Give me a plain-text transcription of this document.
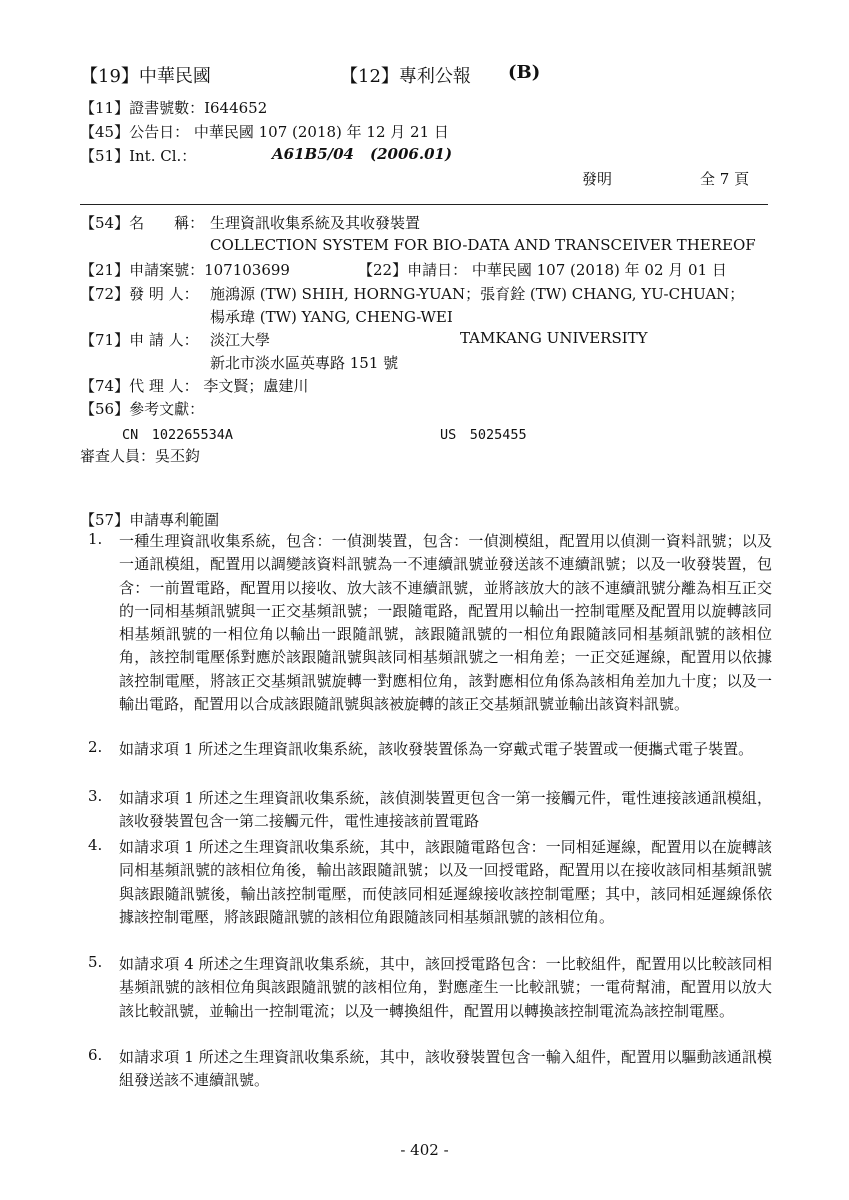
【19】中華民國	【12】專利公報 (B)
【11】證書號數：I644652
【45】公告日： 中華民國 107 (2018) 年 12 月 21 日
【51】Int. Cl.：	A61B5/04 (2006.01)
發明	全 7 頁
【54】名　　稱： 生理資訊收集系統及其收發裝置
COLLECTION SYSTEM FOR BIO-DATA AND TRANSCEIVER THEREOF
【21】申請案號：107103699	【22】申請日： 中華民國 107 (2018) 年 02 月 01 日
【72】發 明 人： 施鴻源 (TW) SHIH, HORNG-YUAN；張育銓 (TW) CHANG, YU-CHUAN；
楊承瑋 (TW) YANG, CHENG-WEI
【71】申 請 人： 淡江大學	TAMKANG UNIVERSITY
新北市淡水區英專路 151 號
【74】代 理 人： 李文賢；盧建川
【56】參考文獻：
CN　102265534A	US　5025455
審查人員：吳丕鈞
【57】申請專利範圍
1. 一種生理資訊收集系統，包含：一偵測裝置，包含：一偵測模組，配置用以偵測一資料訊號；以及一通訊模組，配置用以調變該資料訊號為一不連續訊號並發送該不連續訊號；以及一收發裝置，包含：一前置電路，配置用以接收、放大該不連續訊號，並將該放大的該不連續訊號分離為相互正交的一同相基頻訊號與一正交基頻訊號；一跟隨電路，配置用以輸出一控制電壓及配置用以旋轉該同相基頻訊號的一相位角以輸出一跟隨訊號，該跟隨訊號的一相位角跟隨該同相基頻訊號的該相位角，該控制電壓係對應於該跟隨訊號與該同相基頻訊號之一相角差；一正交延遲線，配置用以依據該控制電壓，將該正交基頻訊號旋轉一對應相位角，該對應相位角係為該相角差加九十度；以及一輸出電路，配置用以合成該跟隨訊號與該被旋轉的該正交基頻訊號並輸出該資料訊號。
2. 如請求項 1 所述之生理資訊收集系統，該收發裝置係為一穿戴式電子裝置或一便攜式電子裝置。
3. 如請求項 1 所述之生理資訊收集系統，該偵測裝置更包含一第一接觸元件，電性連接該通訊模組，該收發裝置包含一第二接觸元件，電性連接該前置電路
4. 如請求項 1 所述之生理資訊收集系統，其中，該跟隨電路包含：一同相延遲線，配置用以在旋轉該同相基頻訊號的該相位角後，輸出該跟隨訊號；以及一回授電路，配置用以在接收該同相基頻訊號與該跟隨訊號後，輸出該控制電壓，而使該同相延遲線接收該控制電壓；其中，該同相延遲線係依據該控制電壓，將該跟隨訊號的該相位角跟隨該同相基頻訊號的該相位角。
5. 如請求項 4 所述之生理資訊收集系統，其中，該回授電路包含：一比較組件，配置用以比較該同相基頻訊號的該相位角與該跟隨訊號的該相位角，對應產生一比較訊號；一電荷幫浦，配置用以放大該比較訊號，並輸出一控制電流；以及一轉換組件，配置用以轉換該控制電流為該控制電壓。
6. 如請求項 1 所述之生理資訊收集系統，其中，該收發裝置包含一輸入組件，配置用以驅動該通訊模組發送該不連續訊號。
- 402 -
